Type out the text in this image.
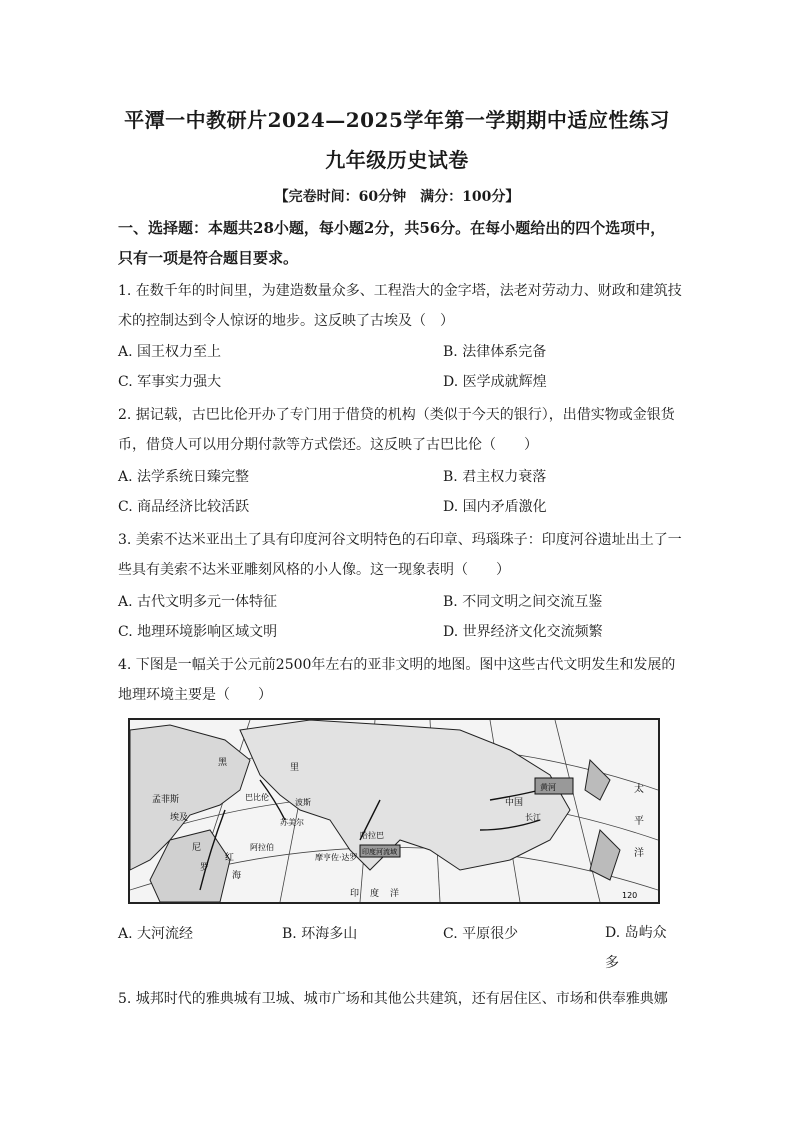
平潭一中教研片2024—2025学年第一学期期中适应性练习
九年级历史试卷
【完卷时间：60分钟　满分：100分】
一、选择题：本题共28小题，每小题2分，共56分。在每小题给出的四个选项中，只有一项是符合题目要求。
1. 在数千年的时间里，为建造数量众多、工程浩大的金字塔，法老对劳动力、财政和建筑技术的控制达到令人惊讶的地步。这反映了古埃及（　）
A. 国王权力至上	B. 法律体系完备
C. 军事实力强大	D. 医学成就辉煌
2. 据记载，古巴比伦开办了专门用于借贷的机构（类似于今天的银行），出借实物或金银货币，借贷人可以用分期付款等方式偿还。这反映了古巴比伦（　　）
A. 法学系统日臻完整	B. 君主权力衰落
C. 商品经济比较活跃	D. 国内矛盾激化
3. 美索不达米亚出土了具有印度河谷文明特色的石印章、玛瑙珠子：印度河谷遗址出土了一些具有美索不达米亚雕刻风格的小人像。这一现象表明（　　）
A. 古代文明多元一体特征	B. 不同文明之间交流互鉴
C. 地理环境影响区域文明	D. 世界经济文化交流频繁
4. 下图是一幅关于公元前2500年左右的亚非文明的地图。图中这些古代文明发生和发展的地理环境主要是（　　）
孟菲斯
埃及
尼
罗
红
海
巴比伦
苏美尔
摩亨佐·达罗
哈拉巴
印度河流域
黄河
长江
太
平
洋
黑	里
波斯	中国
阿拉伯
印 度 洋	120
A. 大河流经	B. 环海多山	C. 平原很少	D. 岛屿众多
5. 城邦时代的雅典城有卫城、城市广场和其他公共建筑，还有居住区、市场和供奉雅典娜
